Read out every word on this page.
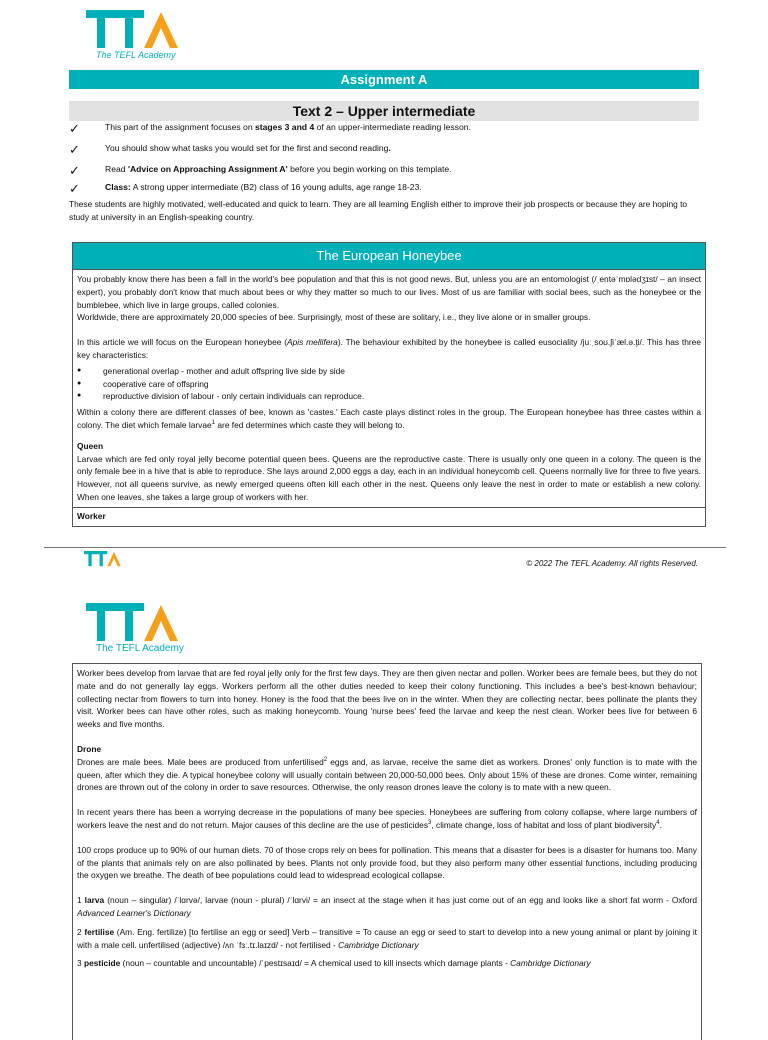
The TEFL Academy
Assignment A
Text 2 – Upper intermediate
✓	This part of the assignment focuses on stages 3 and 4 of an upper-intermediate reading lesson.
✓	You should show what tasks you would set for the first and second reading.
✓	Read 'Advice on Approaching Assignment A' before you begin working on this template.
✓	Class: A strong upper intermediate (B2) class of 16 young adults, age range 18-23.
These students are highly motivated, well-educated and quick to learn. They are all learning English either to improve their job prospects or because they are hoping to study at university in an English-speaking country.
The European Honeybee

You probably know there has been a fall in the world's bee population and that this is not good news. But, unless you are an entomologist (/ˌentəˈmɒlədʒɪst/ – an insect expert), you probably don't know that much about bees or why they matter so much to our lives. Most of us are familiar with social bees, such as the honeybee or the bumblebee, which live in large groups, called colonies.

Worldwide, there are approximately 20,000 species of bee. Surprisingly, most of these are solitary, i.e., they live alone or in smaller groups.

In this article we will focus on the European honeybee (Apis mellifera). The behaviour exhibited by the honeybee is called eusociality /juːˌsoʊ.ʃiˈæl.ə.t̬i/. This has three key characteristics:

● generational overlap - mother and adult offspring live side by side
● cooperative care of offspring
● reproductive division of labour - only certain individuals can reproduce.

Within a colony there are different classes of bee, known as 'castes.' Each caste plays distinct roles in the group. The European honeybee has three castes within a colony. The diet which female larvae$^1$ are fed determines which caste they will belong to.

Queen

Larvae which are fed only royal jelly become potential queen bees. Queens are the reproductive caste. There is usually only one queen in a colony. The queen is the only female bee in a hive that is able to reproduce. She lays around 2,000 eggs a day, each in an individual honeycomb cell. Queens normally live for three to five years. However, not all queens survive, as newly emerged queens often kill each other in the nest. Queens only leave the nest in order to mate or establish a new colony. When one leaves, she takes a large group of workers with her.

Worker
© 2022 The TEFL Academy. All rights Reserved.
The TEFL Academy

Worker bees develop from larvae that are fed royal jelly only for the first few days. They are then given nectar and pollen. Worker bees are female bees, but they do not mate and do not generally lay eggs. Workers perform all the other duties needed to keep their colony functioning. This includes a bee's best-known behaviour; collecting nectar from flowers to turn into honey. Honey is the food that the bees live on in the winter. When they are collecting nectar, bees pollinate the plants they visit. Worker bees can have other roles, such as making honeycomb. Young 'nurse bees' feed the larvae and keep the nest clean. Worker bees live for between 6 weeks and five months.

Drone

Drones are male bees. Male bees are produced from unfertilised$^2$ eggs and, as larvae, receive the same diet as workers. Drones' only function is to mate with the queen, after which they die. A typical honeybee colony will usually contain between 20,000-50,000 bees. Only about 15% of these are drones. Come winter, remaining drones are thrown out of the colony in order to save resources. Otherwise, the only reason drones leave the colony is to mate with a new queen.

In recent years there has been a worrying decrease in the populations of many bee species. Honeybees are suffering from colony collapse, where large numbers of workers leave the nest and do not return. Major causes of this decline are the use of pesticides$^3$, climate change, loss of habitat and loss of plant biodiversity$^4$.

100 crops produce up to 90% of our human diets. 70 of those crops rely on bees for pollination. This means that a disaster for bees is a disaster for humans too. Many of the plants that animals rely on are also pollinated by bees. Plants not only provide food, but they also perform many other essential functions, including producing the oxygen we breathe. The death of bee populations could lead to widespread ecological collapse.

1 larva (noun – singular) /ˈlɑrvə/, larvae (noun - plural) /ˈlɑrvi/ = an insect at the stage when it has just come out of an egg and looks like a short fat worm - Oxford Advanced Learner's Dictionary

2 fertilise (Am. Eng. fertilize) [to fertilise an egg or seed] Verb – transitive = To cause an egg or seed to start to develop into a new young animal or plant by joining it with a male cell. unfertilised (adjective) /ʌn ˈfɜː.tɪ.laɪzd/ - not fertilised - Cambridge Dictionary

3 pesticide (noun – countable and uncountable) /ˈpestɪsaɪd/ = A chemical used to kill insects which damage plants - Cambridge Dictionary
